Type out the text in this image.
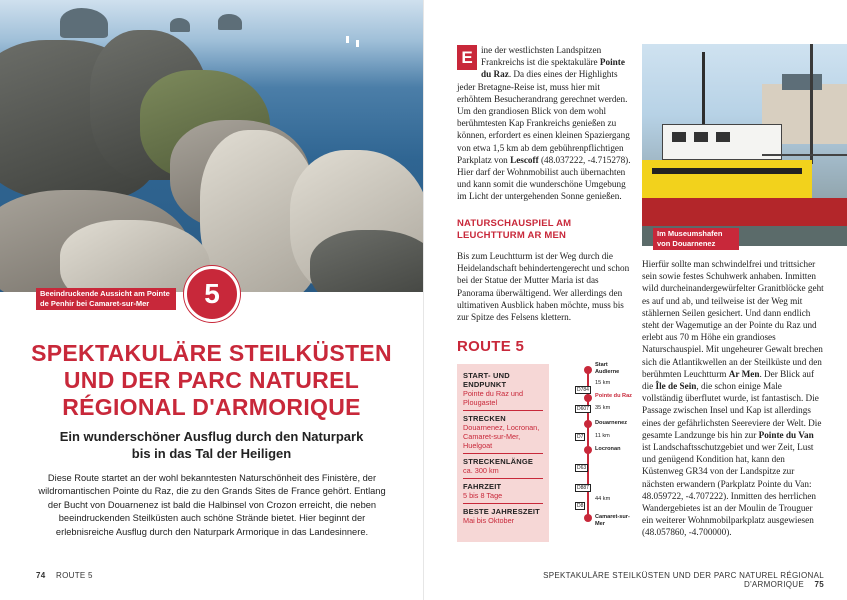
Beeindruckende Aussicht am Pointe
de Penhir bei Camaret-sur-Mer	5
SPEKTAKULÄRE STEILKÜSTEN
UND DER PARC NATUREL
RÉGIONAL D'ARMORIQUE
Ein wunderschöner Ausflug durch den Naturpark
bis in das Tal der Heiligen

Diese Route startet an der wohl bekanntesten Naturschönheit des Finistère, der wildromantischen Pointe du Raz, die zu den Grands Sites de France gehört. Entlang der Bucht von Douarnenez ist bald die Halbinsel von Crozon erreicht, die neben beeindruckenden Steilküsten auch schöne Strände bietet. Hier beginnt der erlebnisreiche Ausflug durch den Naturpark Armorique in das Landesinnere.

74 ROUTE 5
E ine der westlichsten Landspitzen Frankreichs ist die spektakuläre Pointe du Raz. Da dies eines der Highlights jeder Bretagne-Reise ist, muss hier mit erhöhtem Besucherandrang gerechnet werden. Um den grandiosen Blick von dem wohl berühmtesten Kap Frankreichs genießen zu können, erfordert es einen kleinen Spaziergang von etwa 1,5 km ab dem gebührenpflichtigen Parkplatz von Lescoff (48.037222, -4.715278). Hier darf der Wohnmobilist auch übernachten und kann somit die wunderschöne Umgebung im Licht der untergehenden Sonne genießen.
NATURSCHAUSPIEL AM
LEUCHTTURM AR MEN

Bis zum Leuchtturm ist der Weg durch die Heidelandschaft behindertengerecht und schon bei der Statue der Mutter Maria ist das Panorama überwältigend. Wer allerdings den ultimativen Ausblick haben möchte, muss bis zur Spitze des Felsens klettern.

Im Museumshafen
von Douarnenez

Hierfür sollte man schwindelfrei und trittsicher sein sowie festes Schuhwerk anhaben. Inmitten wild durcheinandergewürfelter Granitblöcke geht es auf und ab, und teilweise ist der Weg mit stählernen Seilen gesichert. Und dann endlich steht der Wagemutige an der Pointe du Raz und erlebt aus 70 m Höhe ein grandioses Naturschauspiel. Mit ungeheurer Gewalt brechen sich die Atlantikwellen an der Steilküste und den berühmten Leuchtturm Ar Men. Der Blick auf die Île de Sein, die schon einige Male vollständig überflutet wurde, ist fantastisch. Die Passage zwischen Insel und Kap ist allerdings eines der gefährlichsten Seereviere der Welt. Die gesamte Landzunge bis hin zur Pointe du Van ist Landschaftsschutzgebiet und wer Zeit, Lust und genügend Kondition hat, kann den Küstenweg GR34 von der Landspitze zur nächsten erwandern (Parkplatz Pointe du Van: 48.059722, -4.707222). Inmitten des herrlichen Wandergebietes ist an der Moulin de Trouguer ein weiterer Wohnmobilparkplatz ausgewiesen (48.057860, -4.700000).

ROUTE 5
START- UND ENDPUNKT
Pointe du Raz und Plougastel
STRECKEN
Douarnenez, Locronan, Camaret-sur-Mer, Huelgoat
STRECKENLÄNGE
ca. 300 km
FAHRZEIT
5 bis 8 Tage
BESTE JAHRESZEIT
Mai bis Oktober
Start
Audierne
15 km
D784
Pointe du Raz
D607	35 km
Douarnenez
D7	11 km
Locronan
D63
D887
44 km
D8
Camaret-sur-Mer
SPEKTAKULÄRE STEILKÜSTEN UND DER PARC NATUREL RÉGIONAL D'ARMORIQUE 75
